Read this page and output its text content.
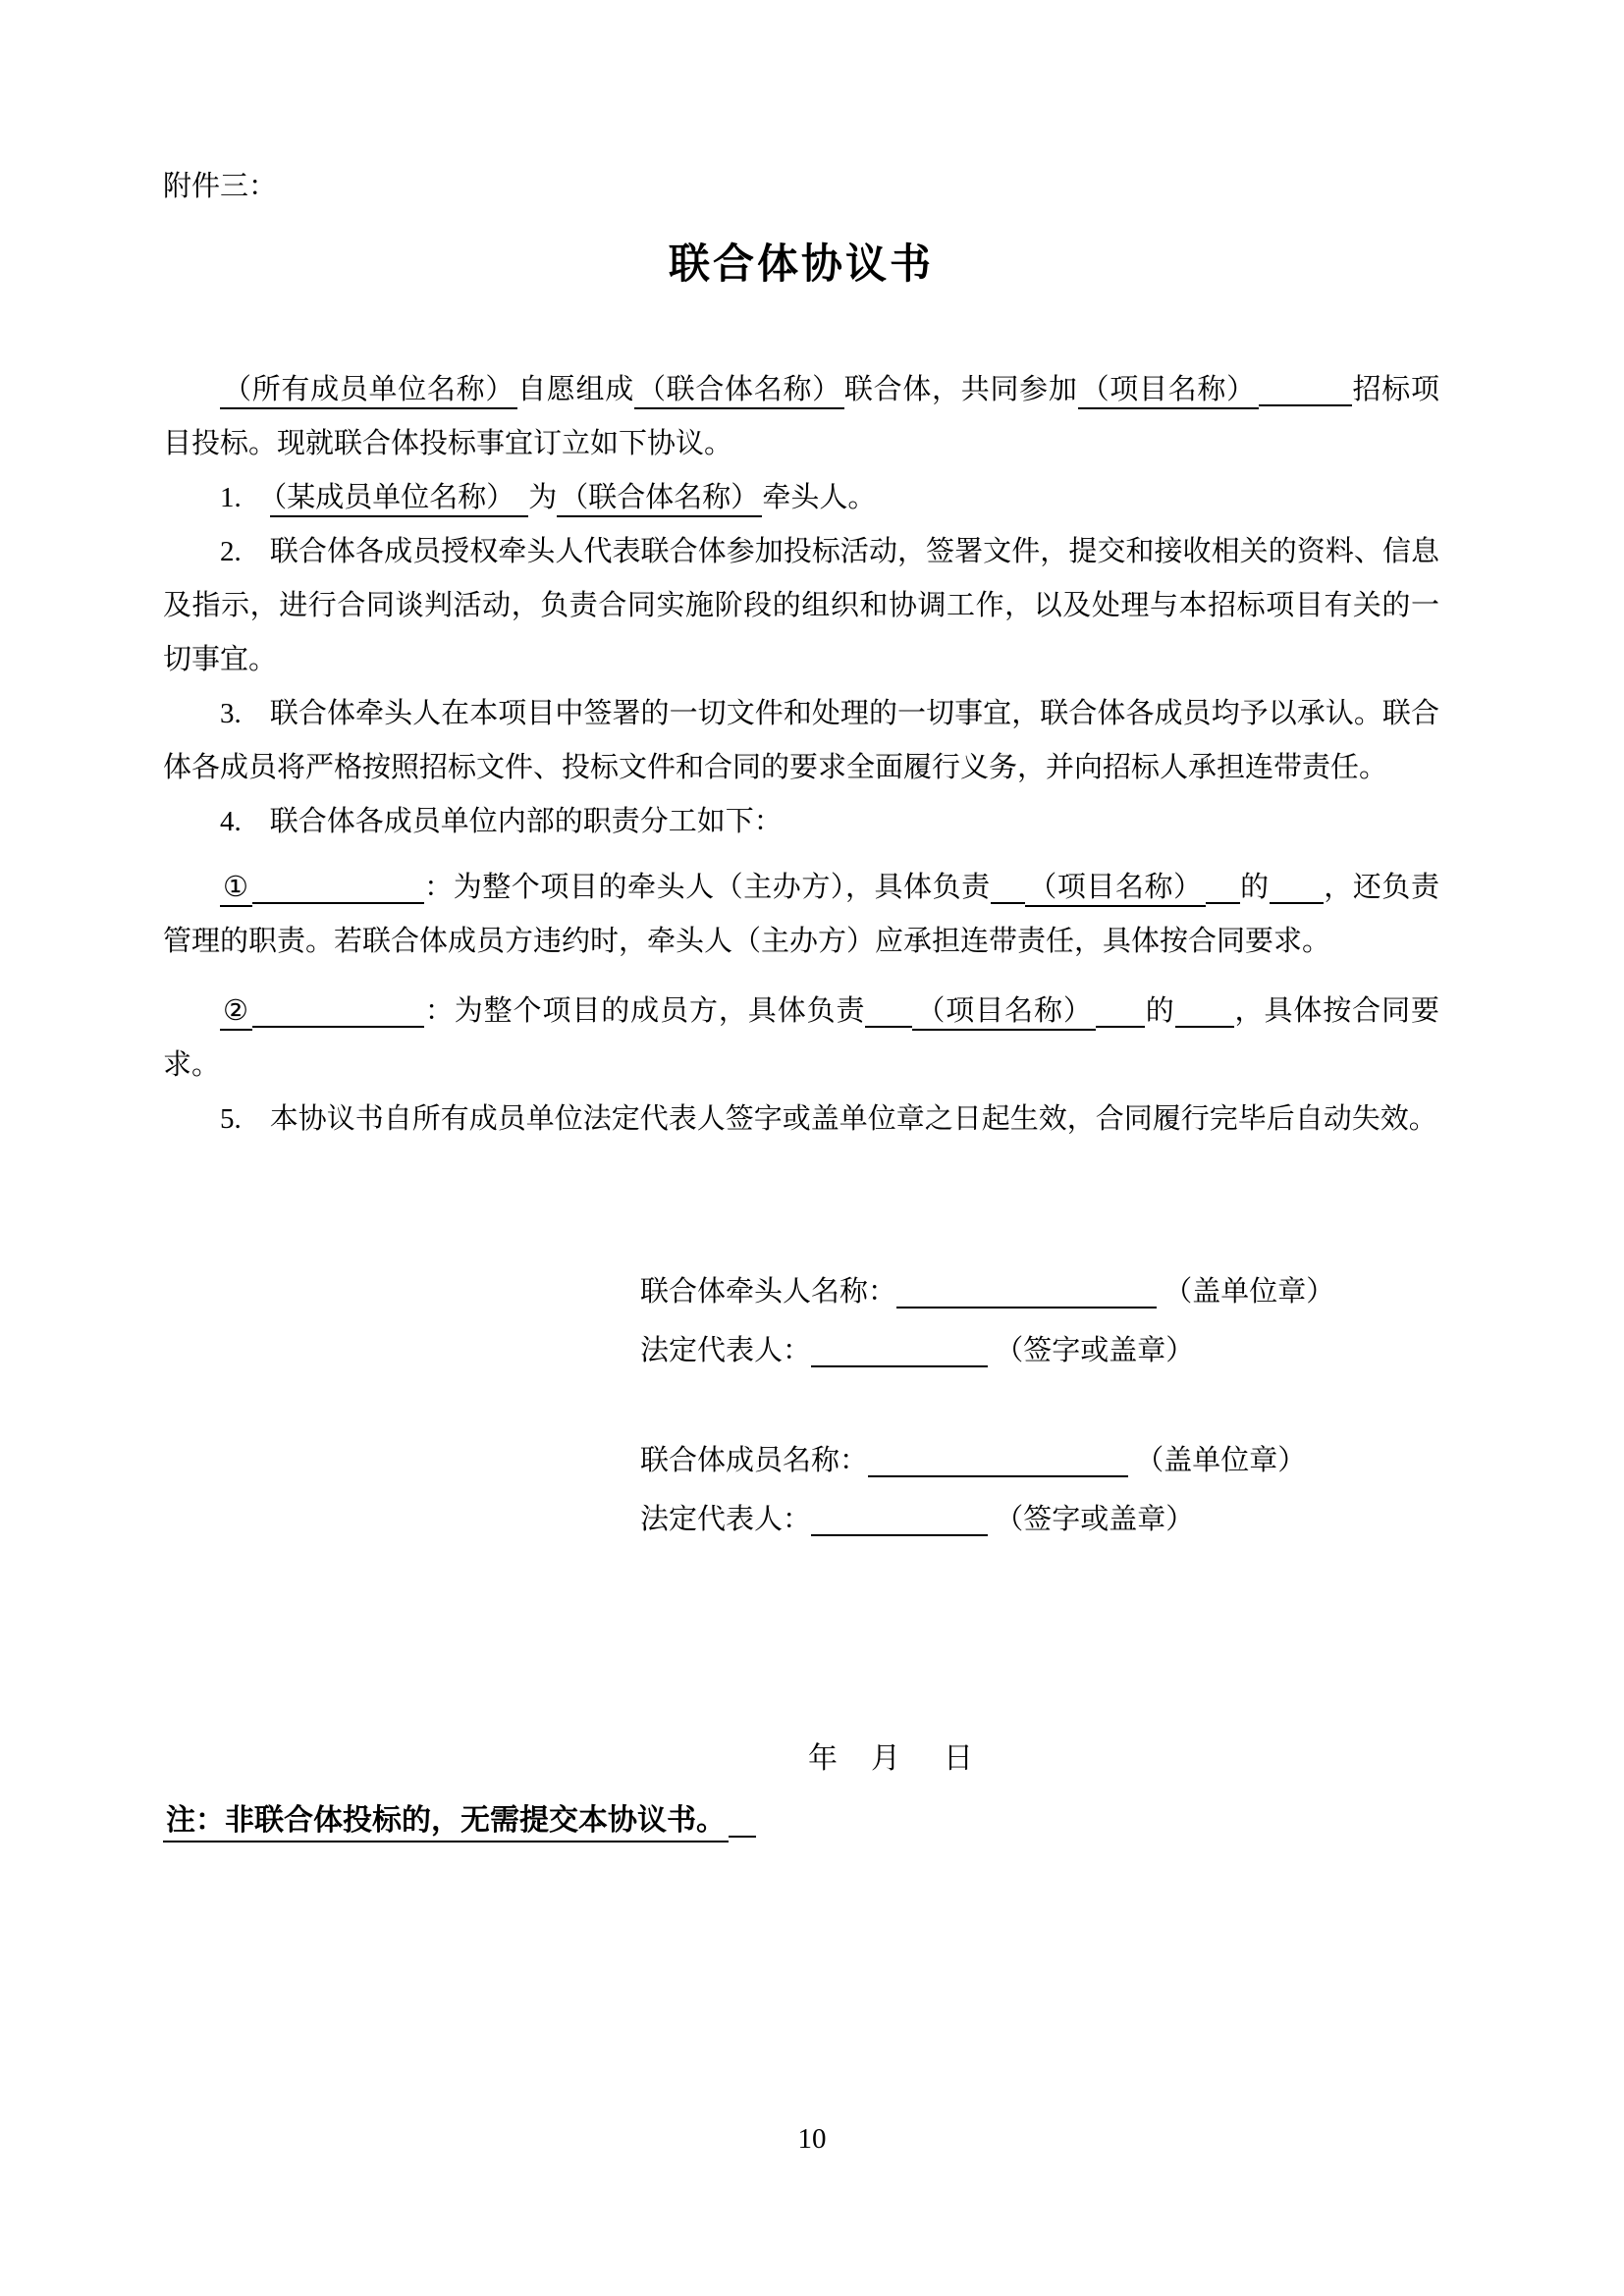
附件三：
联合体协议书

（所有成员单位名称） 自愿组成 （联合体名称） 联合体，共同参加 （项目名称）	招标项目投标。现就联合体投标事宜订立如下协议。

1.　（某成员单位名称） 为 （联合体名称） 牵头人。

2.　联合体各成员授权牵头人代表联合体参加投标活动，签署文件，提交和接收相关的资料、信息及指示，进行合同谈判活动，负责合同实施阶段的组织和协调工作，以及处理与本招标项目有关的一切事宜。

3.　联合体牵头人在本项目中签署的一切文件和处理的一切事宜，联合体各成员均予以承认。联合体各成员将严格按照招标文件、投标文件和合同的要求全面履行义务，并向招标人承担连带责任。

4.　联合体各成员单位内部的职责分工如下：

①	：为整个项目的牵头人（主办方），具体负责 （项目名称） 的 ，还负责管理的职责。若联合体成员方违约时，牵头人（主办方）应承担连带责任，具体按合同要求。

②	：为整个项目的成员方，具体负责 （项目名称） 的 ，具体按合同要求。

5.　本协议书自所有成员单位法定代表人签字或盖单位章之日起生效，合同履行完毕后自动失效。

联合体牵头人名称：	（盖单位章）
法定代表人：	（签字或盖章）
联合体成员名称：	（盖单位章）
法定代表人：	（签字或盖章）
年 月 日
注：非联合体投标的，无需提交本协议书。
10
